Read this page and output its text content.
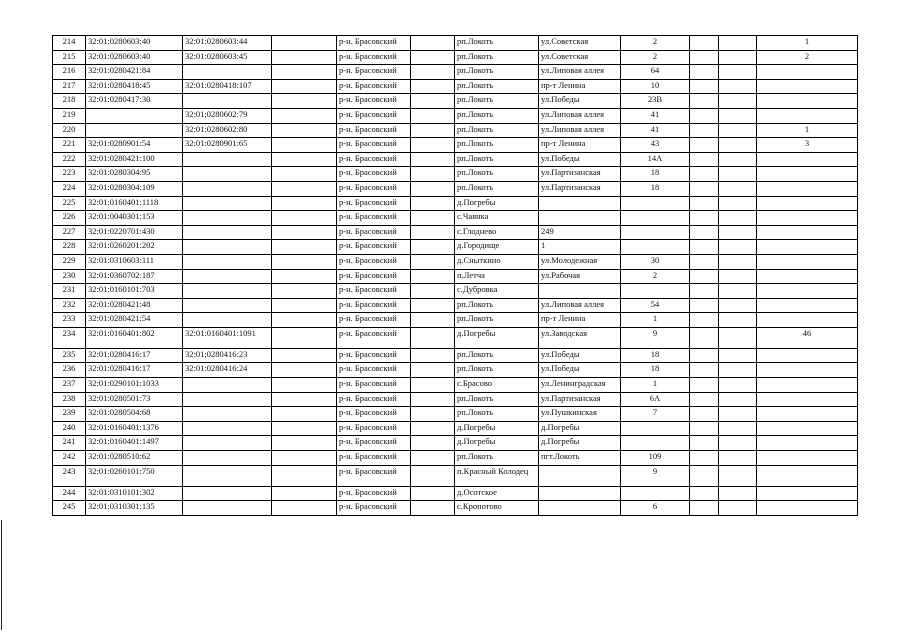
214	32:01:0280603:40	32:01:0280603:44		р-н. Брасовский		рп.Локоть	ул.Советская	2			1
215	32:01:0280603:40	32:01:0280603:45		р-н. Брасовский		рп.Локоть	ул.Советская	2			2
216	32:01:0280421:84			р-н. Брасовский		рп.Локоть	ул.Липовая аллея	64			
217	32:01:0280418:45	32:01:0280418:107		р-н. Брасовский		рп.Локоть	пр-т Ленина	10			
218	32:01:0280417:30			р-н. Брасовский		рп.Локоть	ул.Победы	23В			
219		32:01:0280602:79		р-н. Брасовский		рп.Локоть	ул.Липовая аллея	41			
220		32:01:0280602:80		р-н. Брасовский		рп.Локоть	ул.Липовая аллея	41			1
221	32:01:0280901:54	32:01:0280901:65		р-н. Брасовский		рп.Локоть	пр-т Ленина	43			3
222	32:01:0280421:100			р-н. Брасовский		рп.Локоть	ул.Победы	14А			
223	32:01:0280304:95			р-н. Брасовский		рп.Локоть	ул.Партизанская	18			
224	32:01:0280304:109			р-н. Брасовский		рп.Локоть	ул.Партизанская	18			
225	32:01:0160401:1118			р-н. Брасовский		д.Погребы					
226	32:01:0040301:153			р-н. Брасовский		с.Чаянка					
227	32:01:0220701:430			р-н. Брасовский		с.Глоднево	249				
228	32:01:0260201:202			р-н. Брасовский		д.Городище	1				
229	32:01:0310603:111			р-н. Брасовский		д.Сныткино	ул.Молодежная	30			
230	32:01:0360702:187			р-н. Брасовский		п.Летча	ул.Рабочая	2			
231	32:01:0160101:703			р-н. Брасовский		с.Дубровка					
232	32:01:0280421:48			р-н. Брасовский		рп.Локоть	ул.Липовая аллея	54			
233	32:01:0280421:54			р-н. Брасовский		рп.Локоть	пр-т Ленина	1			
234	32:01:0160401:802	32:01:0160401:1091		р-н. Брасовский		д.Погребы	ул.Заводская	9			46
235	32:01:0280416:17	32:01:0280416:23		р-н. Брасовский		рп.Локоть	ул.Победы	18			
236	32:01:0280416:17	32:01:0280416:24		р-н. Брасовский		рп.Локоть	ул.Победы	18			
237	32:01:0290101:1033			р-н. Брасовский		с.Брасово	ул.Ленинградская	1			
238	32:01:0280501:73			р-н. Брасовский		рп.Локоть	ул.Партизанская	6А			
239	32:01:0280504:68			р-н. Брасовский		рп.Локоть	ул.Пушкинская	7			
240	32:01:0160401:1376			р-н. Брасовский		д.Погребы	д.Погребы				
241	32:01:0160401:1497			р-н. Брасовский		д.Погребы	д.Погребы				
242	32:01:0280510:62			р-н. Брасовский		рп.Локоть	пгт.Локоть	109			
243	32:01:0260101:750			р-н. Брасовский		п.Красный Колодец		9			
244	32:01:0310101:302			р-н. Брасовский		д.Осотское					
245	32:01:0310301:135			р-н. Брасовский		с.Кропотово		6			
